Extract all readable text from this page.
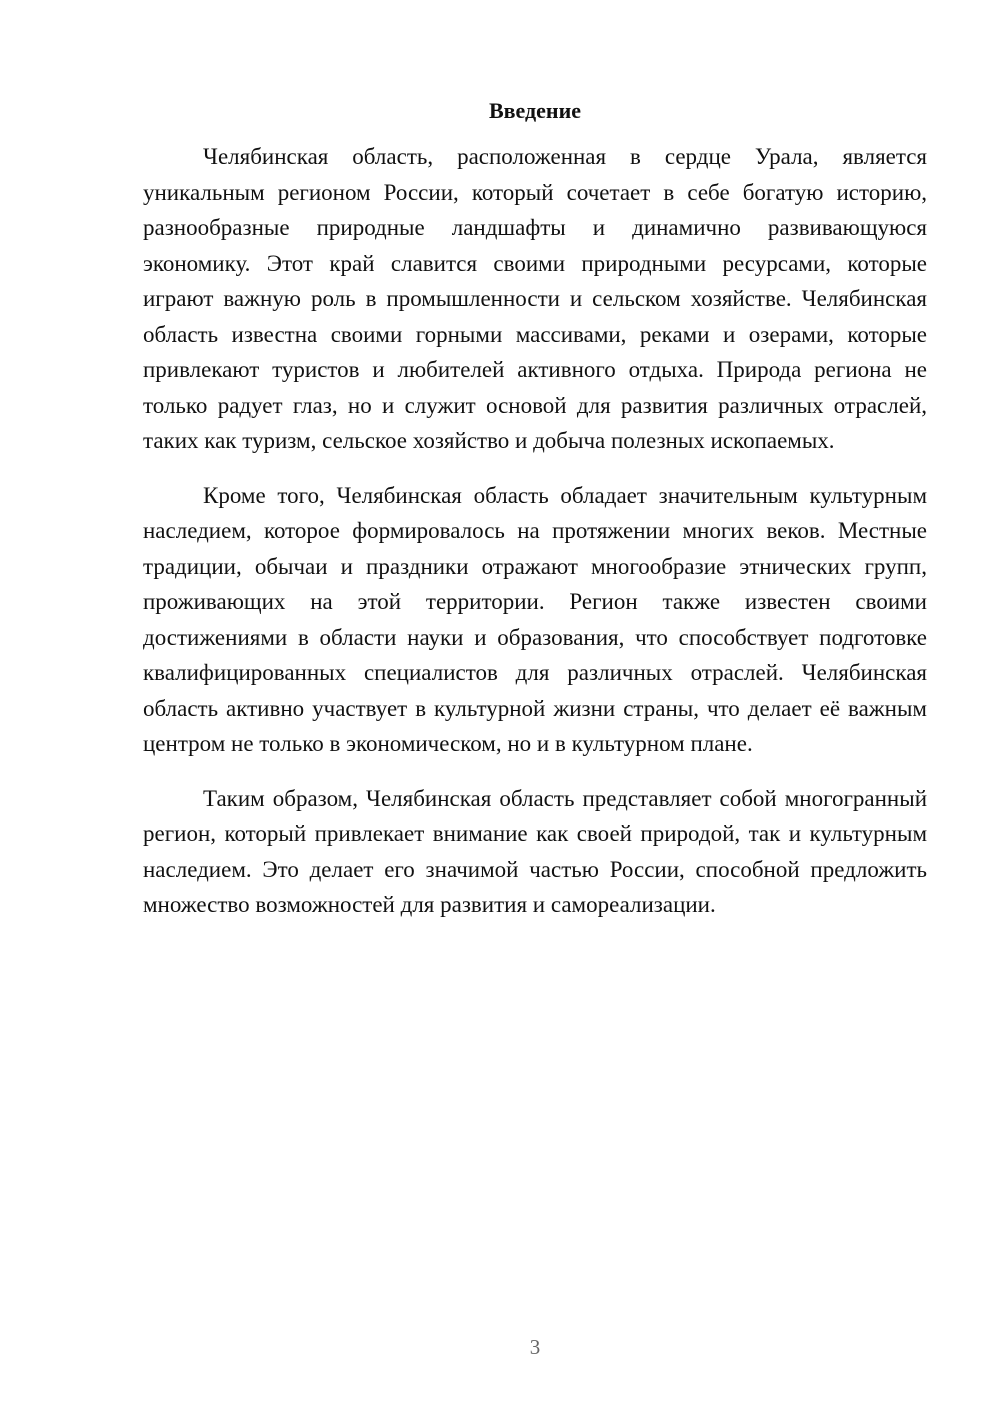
Введение

Челябинская область, расположенная в сердце Урала, является уникальным регионом России, который сочетает в себе богатую историю, разнообразные природные ландшафты и динамично развивающуюся экономику. Этот край славится своими природными ресурсами, которые играют важную роль в промышленности и сельском хозяйстве. Челябинская область известна своими горными массивами, реками и озерами, которые привлекают туристов и любителей активного отдыха. Природа региона не только радует глаз, но и служит основой для развития различных отраслей, таких как туризм, сельское хозяйство и добыча полезных ископаемых.

Кроме того, Челябинская область обладает значительным культурным наследием, которое формировалось на протяжении многих веков. Местные традиции, обычаи и праздники отражают многообразие этнических групп, проживающих на этой территории. Регион также известен своими достижениями в области науки и образования, что способствует подготовке квалифицированных специалистов для различных отраслей. Челябинская область активно участвует в культурной жизни страны, что делает её важным центром не только в экономическом, но и в культурном плане.

Таким образом, Челябинская область представляет собой многогранный регион, который привлекает внимание как своей природой, так и культурным наследием. Это делает его значимой частью России, способной предложить множество возможностей для развития и самореализации.

3
